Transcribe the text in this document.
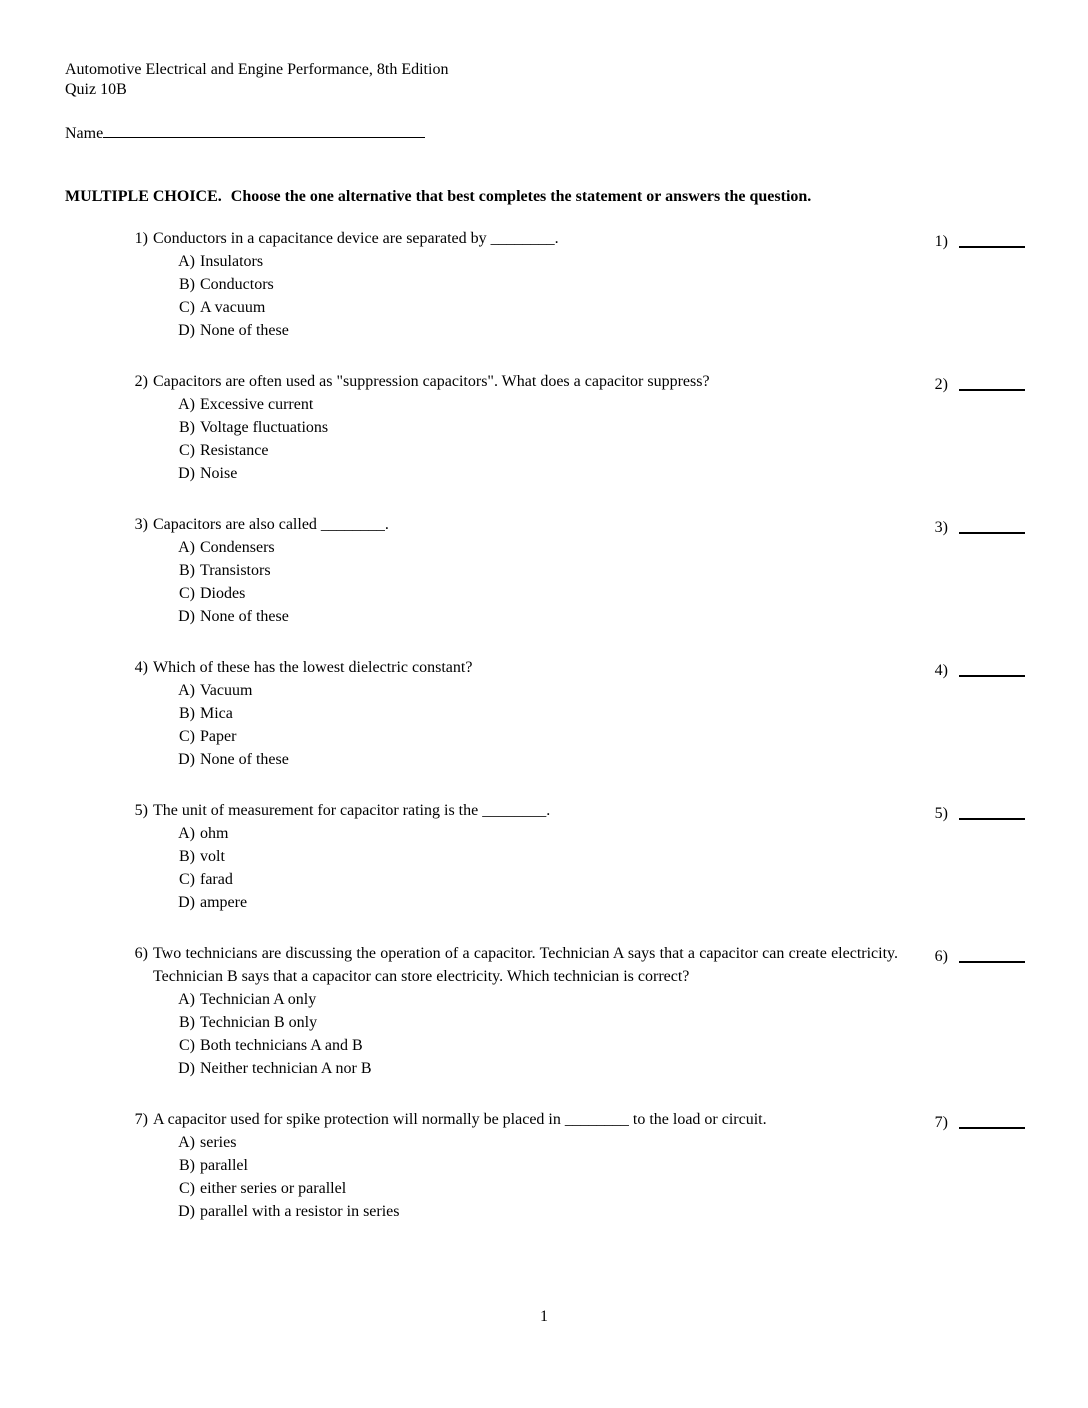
Automotive Electrical and Engine Performance, 8th Edition
Quiz 10B
Name
MULTIPLE CHOICE. Choose the one alternative that best completes the statement or answers the question.
1) Conductors in a capacitance device are separated by ________.
A) Insulators
B) Conductors
C) A vacuum
D) None of these
1)
2) Capacitors are often used as "suppression capacitors". What does a capacitor suppress?
A) Excessive current
B) Voltage fluctuations
C) Resistance
D) Noise
2)
3) Capacitors are also called ________.
A) Condensers
B) Transistors
C) Diodes
D) None of these
3)
4) Which of these has the lowest dielectric constant?
A) Vacuum
B) Mica
C) Paper
D) None of these
4)
5) The unit of measurement for capacitor rating is the ________.
A) ohm
B) volt
C) farad
D) ampere
5)
6) Two technicians are discussing the operation of a capacitor. Technician A says that a capacitor can create electricity. Technician B says that a capacitor can store electricity. Which technician is correct?
A) Technician A only
B) Technician B only
C) Both technicians A and B
D) Neither technician A nor B
6)
7) A capacitor used for spike protection will normally be placed in ________ to the load or circuit.
A) series
B) parallel
C) either series or parallel
D) parallel with a resistor in series
7)
1
